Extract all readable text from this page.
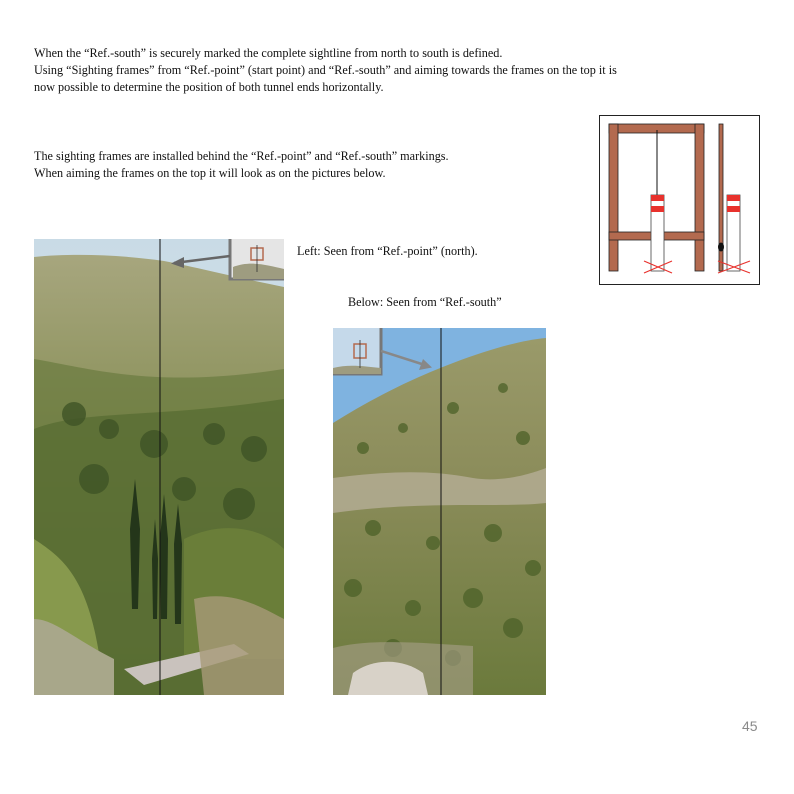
When the “Ref.-south” is securely marked the complete sightline from north to south is defined.
Using “Sighting frames” from “Ref.-point” (start point) and “Ref.-south” and aiming towards the frames on the top it is
now possible to determine the position of both tunnel ends horizontally.
The sighting frames are installed behind the “Ref.-point” and “Ref.-south” markings.
When aiming the frames on the top it will look as on the pictures below.
Left: Seen from “Ref.-point” (north).
Below: Seen from “Ref.-south”
45
